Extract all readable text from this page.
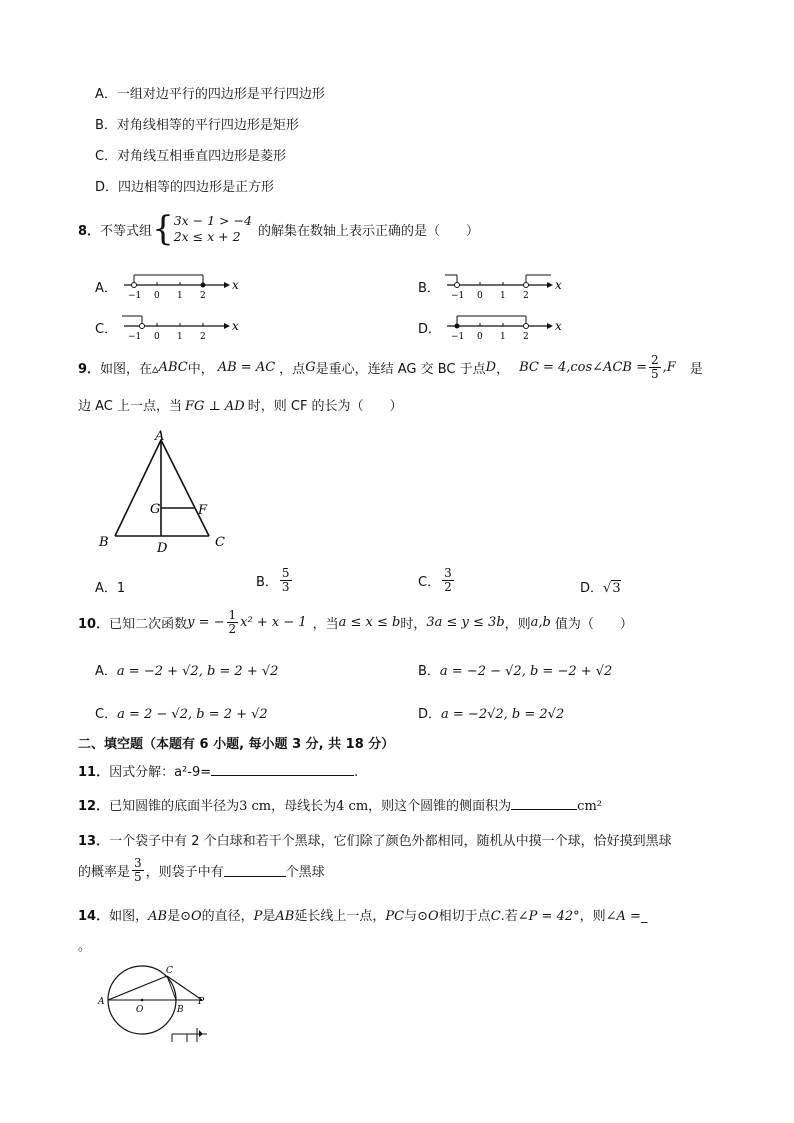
A．一组对边平行的四边形是平行四边形
B．对角线相等的平行四边形是矩形
C．对角线互相垂直四边形是菱形
D．四边相等的四边形是正方形
8． 不等式组 { 3x − 1 > −4
2x ≤ x + 2	的解集在数轴上表示正确的是（　　）
A．	B．
C．	D．
−1 0 1 2
x
−1 0 1 2
x
−1 0 1 2
x
−1 0 1 2
x
9． 如图，在▵ ABC 中， AB = AC ，点 G 是重心，连结 AG 交 BC 于点 D ， BC = 4, cos∠ACB = $\frac{2}{5} ,F$ 是
边 AC 上一点，当 FG ⊥ AD 时，则 CF 的长为（　　）
A
B	C
D
G	F
A．1	B． $\frac{5}{3}$	C． $\frac{3}{2}$	D．√3
10． 已知二次函数 y = − $\frac{1}{2} x^2 + x - 1$ ，当 a ≤ x ≤ b 时， 3a ≤ y ≤ 3b ，则 a,b 值为（　　）
A．a = −2 + √2, b = 2 + √2	B．a = −2 − √2, b = −2 + √2
C．a = 2 − √2, b = 2 + √2	D．a = −2√2, b = 2√2
二、填空题（本题有 6 小题, 每小题 3 分, 共 18 分）
11．因式分解：a²-9=	.
12．已知圆锥的底面半径为3 cm，母线长为4 cm，则这个圆锥的侧面积为	cm²
13．一个袋子中有 2 个白球和若干个黑球，它们除了颜色外都相同，随机从中摸一个球，恰好摸到黑球
的概率是 $\frac{3}{5}$ ，则袋子中有	个黑球
14．如图，AB是⊙O的直径，P是AB延长线上一点，PC与⊙O相切于点C.若∠P = 42°，则∠A =_
。
A
O	B
C
P
